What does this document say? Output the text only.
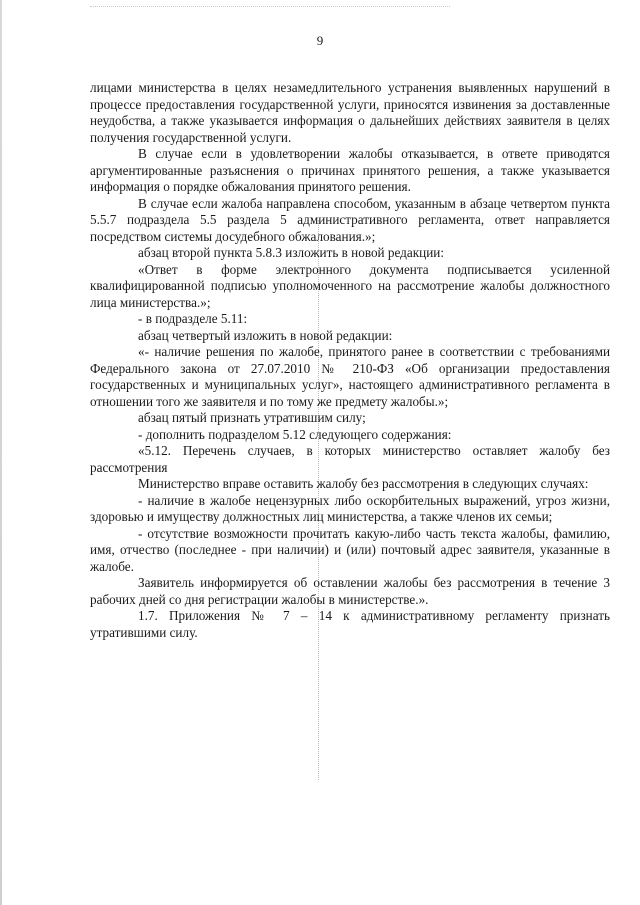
9

лицами министерства в целях незамедлительного устранения выявленных нарушений в процессе предоставления государственной услуги, приносятся извинения за доставленные неудобства, а также указывается информация о дальнейших действиях заявителя в целях получения государственной услуги.

В случае если в удовлетворении жалобы отказывается, в ответе приводятся аргументированные разъяснения о причинах принятого решения, а также указывается информация о порядке обжалования принятого решения.

В случае если жалоба направлена способом, указанным в абзаце четвертом пункта 5.5.7 подраздела 5.5 раздела 5 административного регламента, ответ направляется посредством системы досудебного обжалования.»;

абзац второй пункта 5.8.3 изложить в новой редакции:

«Ответ в форме электронного документа подписывается усиленной квалифицированной подписью уполномоченного на рассмотрение жалобы должностного лица министерства.»;

- в подразделе 5.11:

абзац четвертый изложить в новой редакции:

«- наличие решения по жалобе, принятого ранее в соответствии с требованиями Федерального закона от 27.07.2010 № 210-ФЗ «Об организации предоставления государственных и муниципальных услуг», настоящего административного регламента в отношении того же заявителя и по тому же предмету жалобы.»;

абзац пятый признать утратившим силу;

- дополнить подразделом 5.12 следующего содержания:

«5.12. Перечень случаев, в которых министерство оставляет жалобу без рассмотрения

Министерство вправе оставить жалобу без рассмотрения в следующих случаях:

- наличие в жалобе нецензурных либо оскорбительных выражений, угроз жизни, здоровью и имуществу должностных лиц министерства, а также членов их семьи;

- отсутствие возможности прочитать какую-либо часть текста жалобы, фамилию, имя, отчество (последнее - при наличии) и (или) почтовый адрес заявителя, указанные в жалобе.

Заявитель информируется об оставлении жалобы без рассмотрения в течение 3 рабочих дней со дня регистрации жалобы в министерстве.».

1.7. Приложения № 7 – 14 к административному регламенту признать утратившими силу.
